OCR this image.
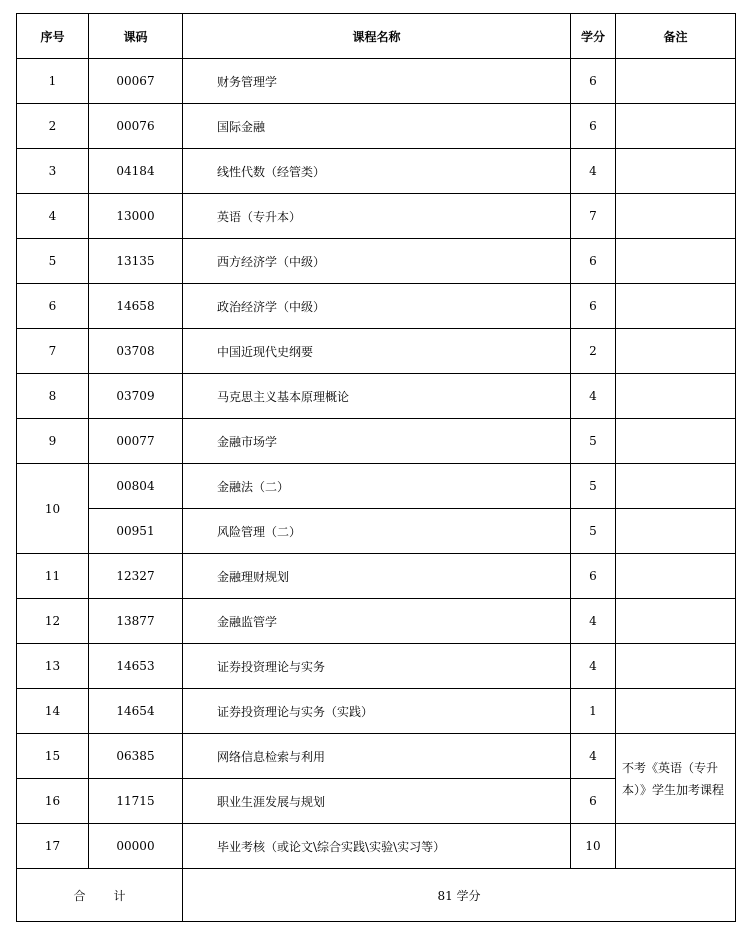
序号	课码	课程名称	学分	备注
1	00067	财务管理学	6	
2	00076	国际金融	6	
3	04184	线性代数（经管类）	4	
4	13000	英语（专升本）	7	
5	13135	西方经济学（中级）	6	
6	14658	政治经济学（中级）	6	
7	03708	中国近现代史纲要	2	
8	03709	马克思主义基本原理概论	4	
9	00077	金融市场学	5	
10	00804	金融法（二）	5	
	00951	风险管理（二）	5	
11	12327	金融理财规划	6	
12	13877	金融监管学	4	
13	14653	证券投资理论与实务	4	
14	14654	证券投资理论与实务（实践）	1	
15	06385	网络信息检索与利用	4	不考《英语（专升本）》学生加考课程
16	11715	职业生涯发展与规划	6	
17	00000	毕业考核（或论文\综合实践\实验\实习等）	10	
合计		81 学分		
